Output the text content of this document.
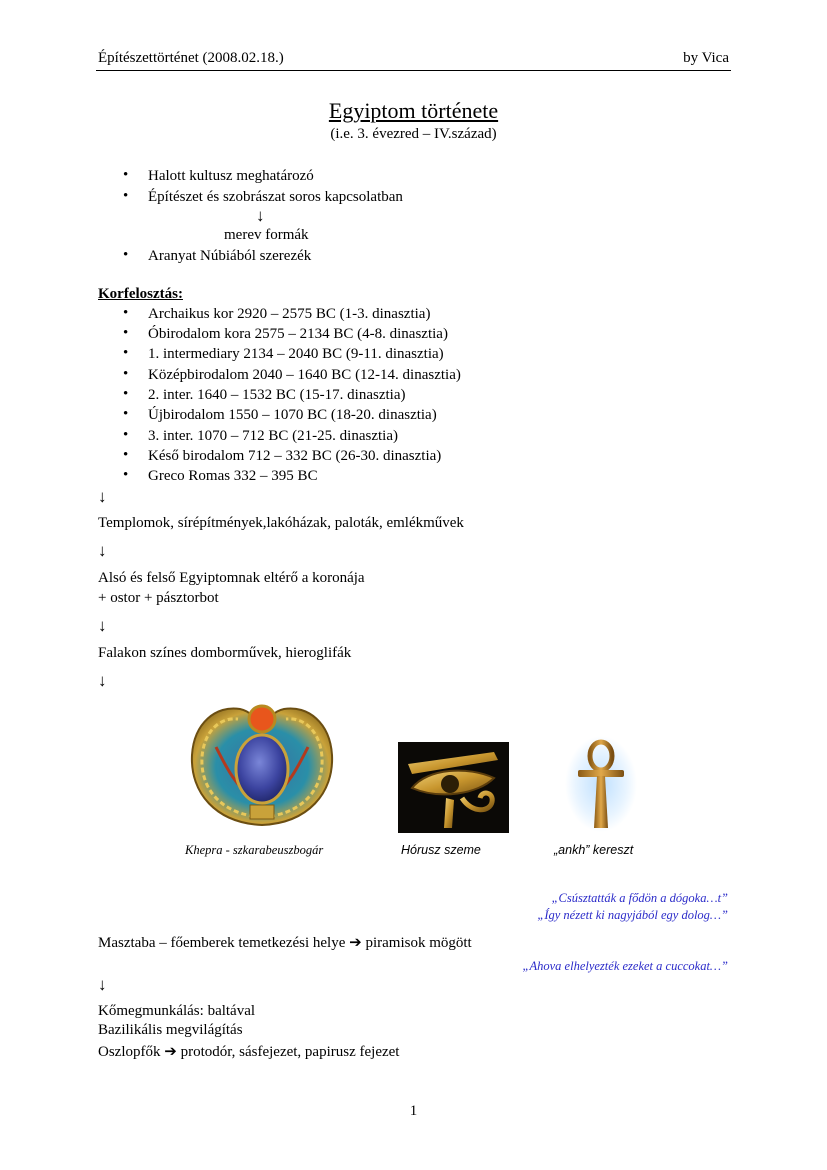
Építészettörténet (2008.02.18.)	by Vica
Egyiptom története
(i.e. 3. évezred – IV.század)
• Halott kultusz meghatározó
• Építészet és szobrászat soros kapcsolatban
↓
merev formák
• Aranyat Núbiából szerezék
Korfelosztás:
• Archaikus kor 2920 – 2575 BC (1-3. dinasztia)
• Óbirodalom kora 2575 – 2134 BC (4-8. dinasztia)
• 1. intermediary 2134 – 2040 BC (9-11. dinasztia)
• Középbirodalom 2040 – 1640 BC (12-14. dinasztia)
• 2. inter. 1640 – 1532 BC (15-17. dinasztia)
• Újbirodalom 1550 – 1070 BC (18-20. dinasztia)
• 3. inter. 1070 – 712 BC (21-25. dinasztia)
• Késő birodalom 712 – 332 BC (26-30. dinasztia)
• Greco Romas 332 – 395 BC
↓
Templomok, sírépítmények,lakóházak, paloták, emlékművek
↓
Alsó és felső Egyiptomnak eltérő a koronája
+ ostor + pásztorbot
↓
Falakon színes domborművek, hieroglifák
↓
Khepra - szkarabeuszbogár	Hórusz szeme	„ankh” kereszt
„Csúsztatták a fődön a dógoka…t”
„Így nézett ki nagyjából egy dolog…”
Masztaba – főemberek temetkezési helye ➔ piramisok mögött
„Ahova elhelyezték ezeket a cuccokat…”
↓
Kőmegmunkálás: baltával
Bazilikális megvilágítás
Oszlopfők ➔ protodór, sásfejezet, papirusz fejezet
1
